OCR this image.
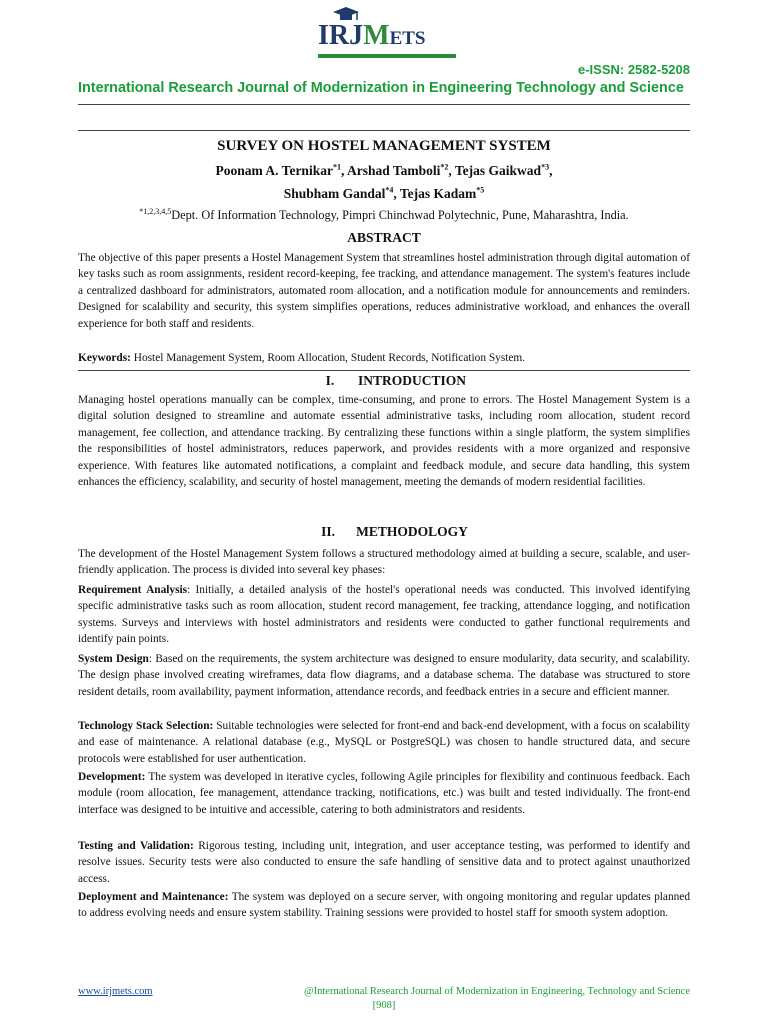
IRJMETS
e-ISSN: 2582-5208
International Research Journal of Modernization in Engineering Technology and Science
SURVEY ON HOSTEL MANAGEMENT SYSTEM
Poonam A. Ternikar$^{*1}$, Arshad Tamboli$^{*2}$, Tejas Gaikwad$^{*3}$,
Shubham Gandal$^{*4}$, Tejas Kadam$^{*5}$
$^{*1,2,3,4,5}$Dept. Of Information Technology, Pimpri Chinchwad Polytechnic, Pune, Maharashtra, India.
ABSTRACT
The objective of this paper presents a Hostel Management System that streamlines hostel administration through digital automation of key tasks such as room assignments, resident record-keeping, fee tracking, and attendance management. The system's features include a centralized dashboard for administrators, automated room allocation, and a notification module for announcements and reminders. Designed for scalability and security, this system simplifies operations, reduces administrative workload, and enhances the overall experience for both staff and residents.
Keywords: Hostel Management System, Room Allocation, Student Records, Notification System.
I. INTRODUCTION
Managing hostel operations manually can be complex, time-consuming, and prone to errors. The Hostel Management System is a digital solution designed to streamline and automate essential administrative tasks, including room allocation, student record management, fee collection, and attendance tracking. By centralizing these functions within a single platform, the system simplifies the responsibilities of hostel administrators, reduces paperwork, and provides residents with a more organized and responsive experience. With features like automated notifications, a complaint and feedback module, and secure data handling, this system enhances the efficiency, scalability, and security of hostel management, meeting the demands of modern residential facilities.
II. METHODOLOGY
The development of the Hostel Management System follows a structured methodology aimed at building a secure, scalable, and user-friendly application. The process is divided into several key phases:
Requirement Analysis: Initially, a detailed analysis of the hostel's operational needs was conducted. This involved identifying specific administrative tasks such as room allocation, student record management, fee tracking, attendance logging, and notification systems. Surveys and interviews with hostel administrators and residents were conducted to gather functional requirements and identify pain points.
System Design: Based on the requirements, the system architecture was designed to ensure modularity, data security, and scalability. The design phase involved creating wireframes, data flow diagrams, and a database schema. The database was structured to store resident details, room availability, payment information, attendance records, and feedback entries in a secure and efficient manner.
Technology Stack Selection: Suitable technologies were selected for front-end and back-end development, with a focus on scalability and ease of maintenance. A relational database (e.g., MySQL or PostgreSQL) was chosen to handle structured data, and secure protocols were established for user authentication.
Development: The system was developed in iterative cycles, following Agile principles for flexibility and continuous feedback. Each module (room allocation, fee management, attendance tracking, notifications, etc.) was built and tested individually. The front-end interface was designed to be intuitive and accessible, catering to both administrators and residents.
Testing and Validation: Rigorous testing, including unit, integration, and user acceptance testing, was performed to identify and resolve issues. Security tests were also conducted to ensure the safe handling of sensitive data and to protect against unauthorized access.
Deployment and Maintenance: The system was deployed on a secure server, with ongoing monitoring and regular updates planned to address evolving needs and ensure system stability. Training sessions were provided to hostel staff for smooth system adoption.
www.irjmets.com	@International Research Journal of Modernization in Engineering, Technology and Science
[908]
